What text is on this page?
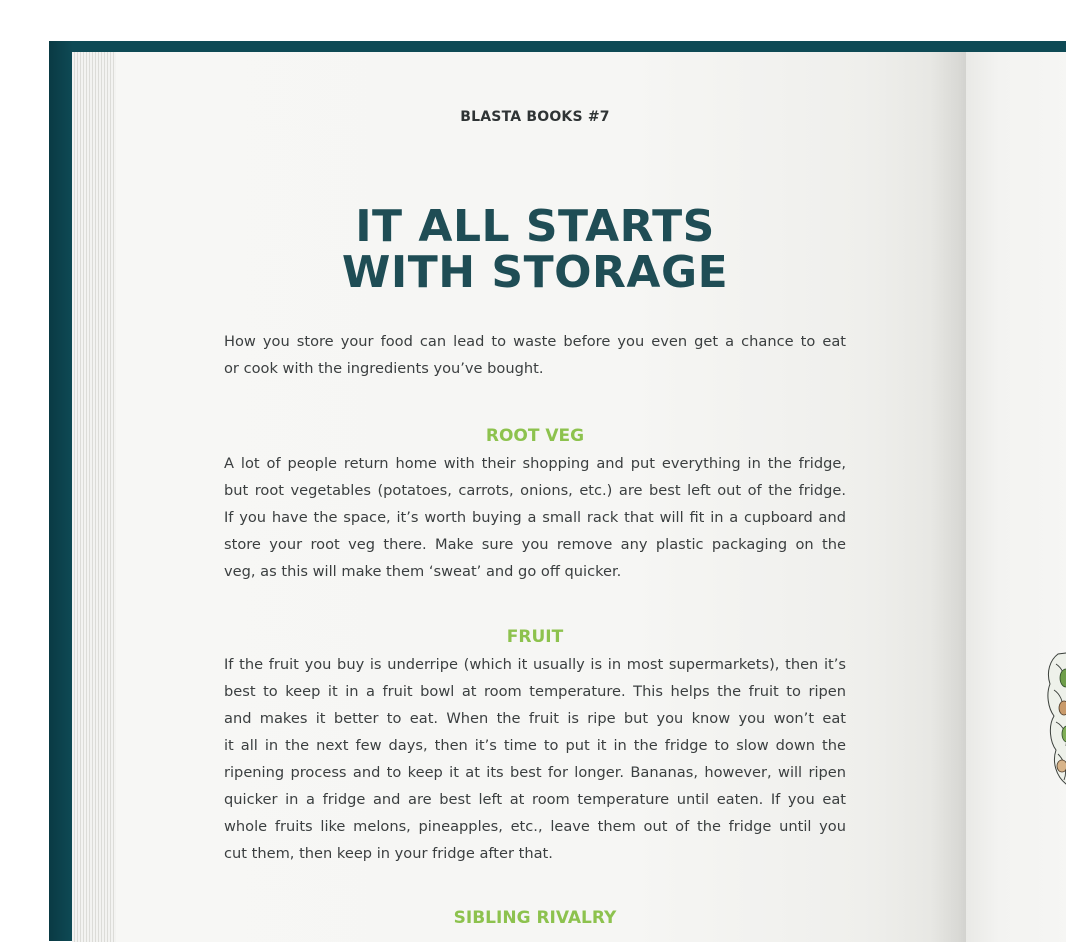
BLASTA BOOKS #7
IT ALL STARTS
WITH STORAGE

How you store your food can lead to waste before you even get a chance to eat
or cook with the ingredients you’ve bought.

ROOT VEG

A lot of people return home with their shopping and put everything in the fridge,
but root vegetables (potatoes, carrots, onions, etc.) are best left out of the fridge.
If you have the space, it’s worth buying a small rack that will fit in a cupboard and
store your root veg there. Make sure you remove any plastic packaging on the
veg, as this will make them ‘sweat’ and go off quicker.

FRUIT

If the fruit you buy is underripe (which it usually is in most supermarkets), then it’s
best to keep it in a fruit bowl at room temperature. This helps the fruit to ripen
and makes it better to eat. When the fruit is ripe but you know you won’t eat
it all in the next few days, then it’s time to put it in the fridge to slow down the
ripening process and to keep it at its best for longer. Bananas, however, will ripen
quicker in a fridge and are best left at room temperature until eaten. If you eat
whole fruits like melons, pineapples, etc., leave them out of the fridge until you
cut them, then keep in your fridge after that.

SIBLING RIVALRY
